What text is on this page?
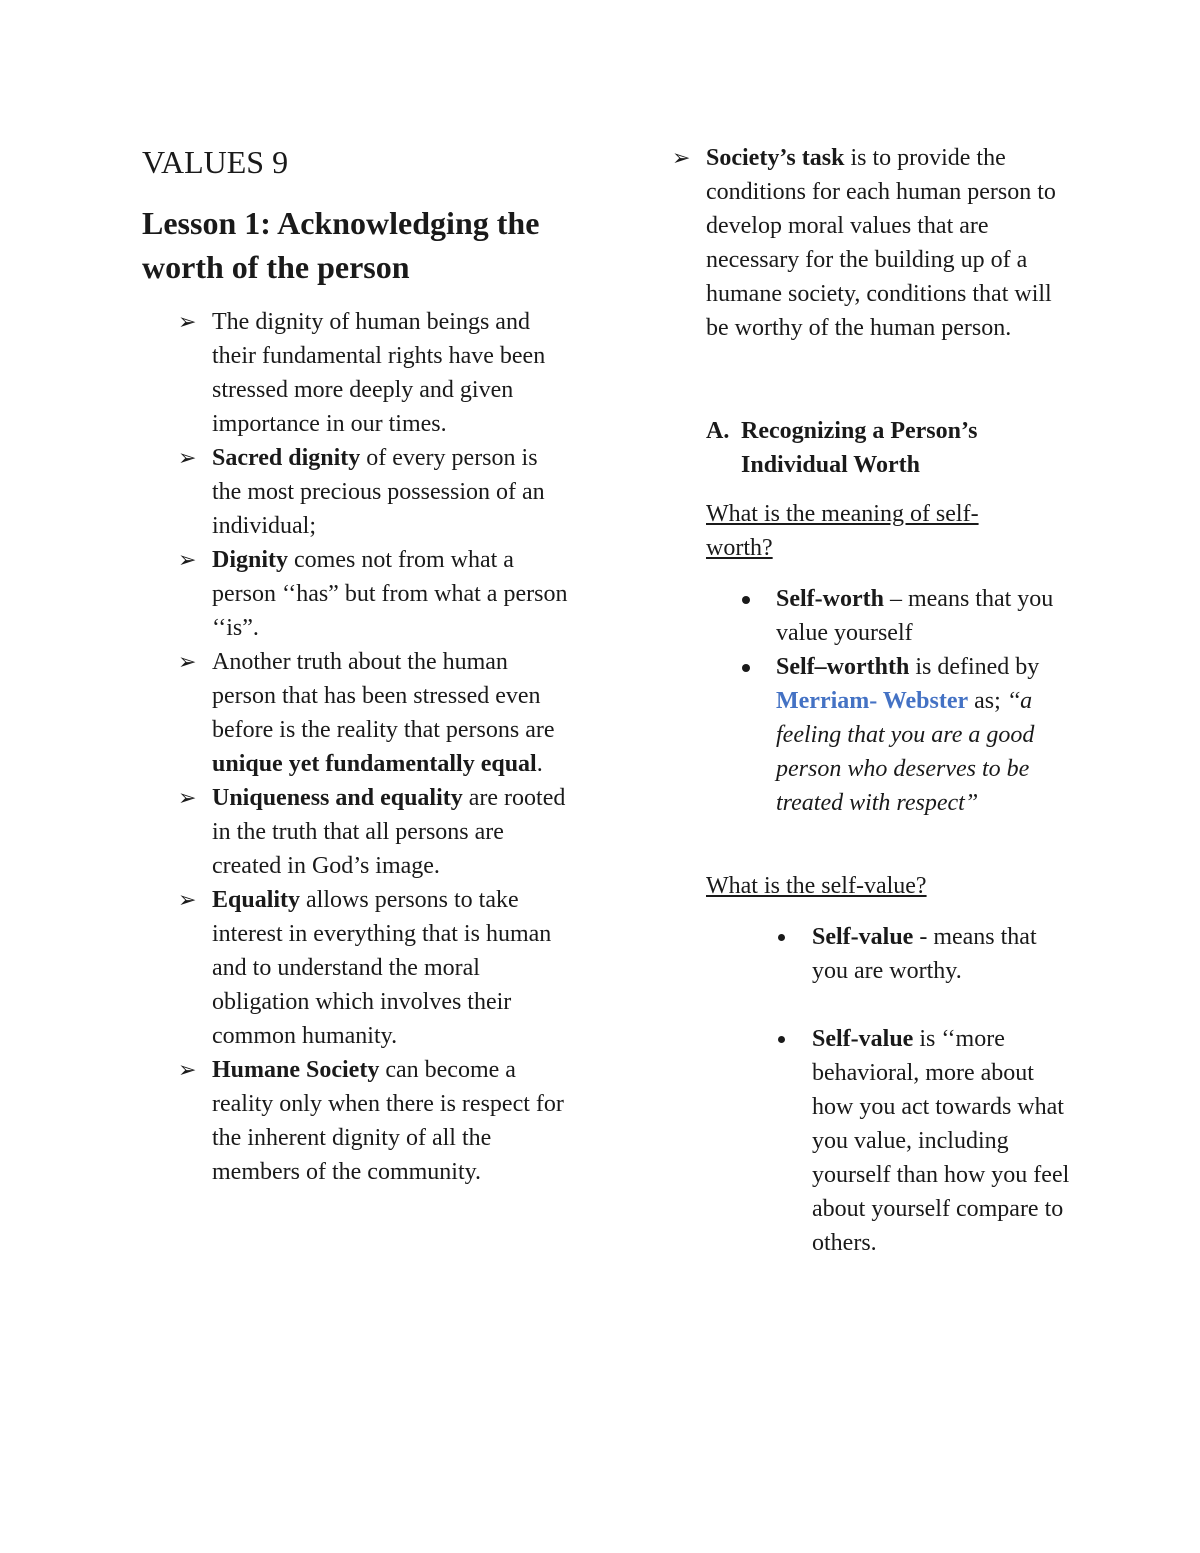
VALUES 9
Lesson 1: Acknowledging the worth of the person
➢ The dignity of human beings and their fundamental rights have been stressed more deeply and given importance in our times.
➢ Sacred dignity of every person is the most precious possession of an individual;
➢ Dignity comes not from what a person ‘‘has” but from what a person ‘‘is”.
➢ Another truth about the human person that has been stressed even before is the reality that persons are unique yet fundamentally equal.
➢ Uniqueness and equality are rooted in the truth that all persons are created in God’s image.
➢ Equality allows persons to take interest in everything that is human and to understand the moral obligation which involves their common humanity.
➢ Humane Society can become a reality only when there is respect for the inherent dignity of all the members of the community.
➢ Society’s task is to provide the conditions for each human person to develop moral values that are necessary for the building up of a humane society, conditions that will be worthy of the human person.
A. Recognizing a Person’s
Individual Worth
What is the meaning of self-worth?
Self-worth – means that you value yourself
Self–worthth is defined by Merriam- Webster as; ‘‘a feeling that you are a good person who deserves to be treated with respect”
What is the self-value?
Self-value - means that you are worthy.
Self-value is ‘‘more behavioral, more about how you act towards what you value, including yourself than how you feel about yourself compare to others.
